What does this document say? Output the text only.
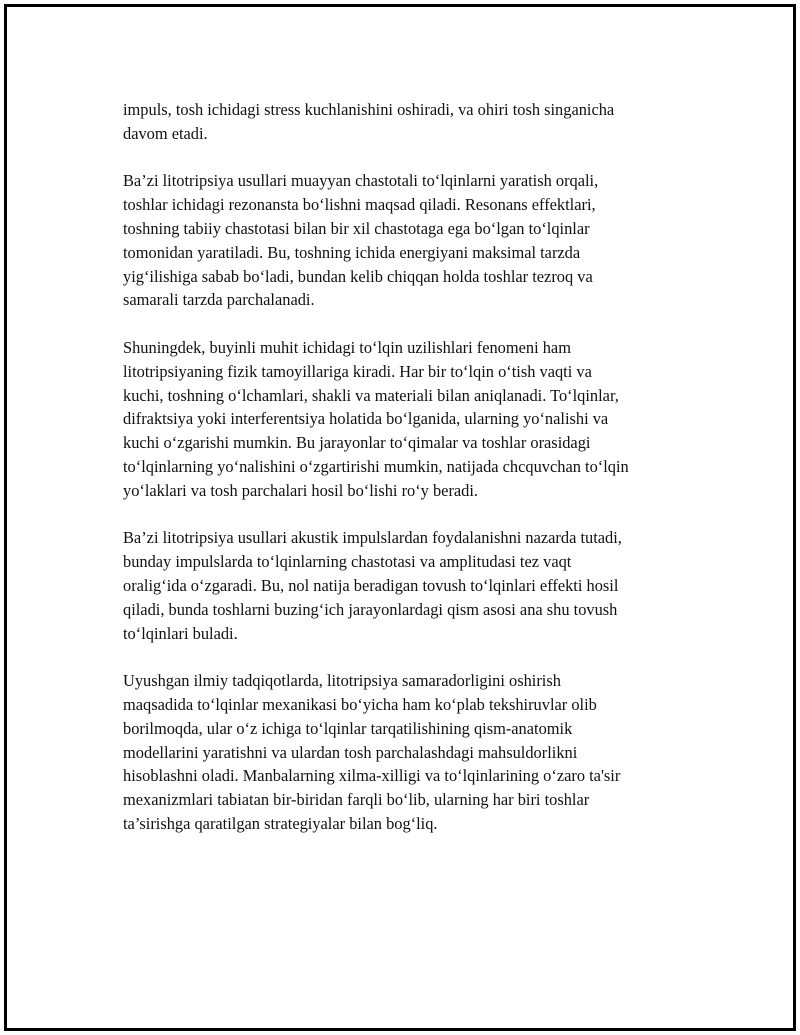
impuls, tosh ichidagi stress kuchlanishini oshiradi, va ohiri tosh singanicha
davom etadi.

Ba’zi litotripsiya usullari muayyan chastotali to‘lqinlarni yaratish orqali,
toshlar ichidagi rezonansta bo‘lishni maqsad qiladi. Resonans effektlari,
toshning tabiiy chastotasi bilan bir xil chastotaga ega bo‘lgan to‘lqinlar
tomonidan yaratiladi. Bu, toshning ichida energiyani maksimal tarzda
yig‘ilishiga sabab bo‘ladi, bundan kelib chiqqan holda toshlar tezroq va
samarali tarzda parchalanadi.

Shuningdek, buyinli muhit ichidagi to‘lqin uzilishlari fenomeni ham
litotripsiyaning fizik tamoyillariga kiradi. Har bir to‘lqin o‘tish vaqti va
kuchi, toshning o‘lchamlari, shakli va materiali bilan aniqlanadi. To‘lqinlar,
difraktsiya yoki interferentsiya holatida bo‘lganida, ularning yo‘nalishi va
kuchi o‘zgarishi mumkin. Bu jarayonlar to‘qimalar va toshlar orasidagi
to‘lqinlarning yo‘nalishini o‘zgartirishi mumkin, natijada chcquvchan to‘lqin
yo‘laklari va tosh parchalari hosil bo‘lishi ro‘y beradi.

Ba’zi litotripsiya usullari akustik impulslardan foydalanishni nazarda tutadi,
bunday impulslarda to‘lqinlarning chastotasi va amplitudasi tez vaqt
oralig‘ida o‘zgaradi. Bu, nol natija beradigan tovush to‘lqinlari effekti hosil
qiladi, bunda toshlarni buzing‘ich jarayonlardagi qism asosi ana shu tovush
to‘lqinlari buladi.

Uyushgan ilmiy tadqiqotlarda, litotripsiya samaradorligini oshirish
maqsadida to‘lqinlar mexanikasi bo‘yicha ham ko‘plab tekshiruvlar olib
borilmoqda, ular o‘z ichiga to‘lqinlar tarqatilishining qism-anatomik
modellarini yaratishni va ulardan tosh parchalashdagi mahsuldorlikni
hisoblashni oladi. Manbalarning xilma-xilligi va to‘lqinlarining o‘zaro ta'sir
mexanizmlari tabiatan bir-biridan farqli bo‘lib, ularning har biri toshlar
ta’sirishga qaratilgan strategiyalar bilan bog‘liq.
